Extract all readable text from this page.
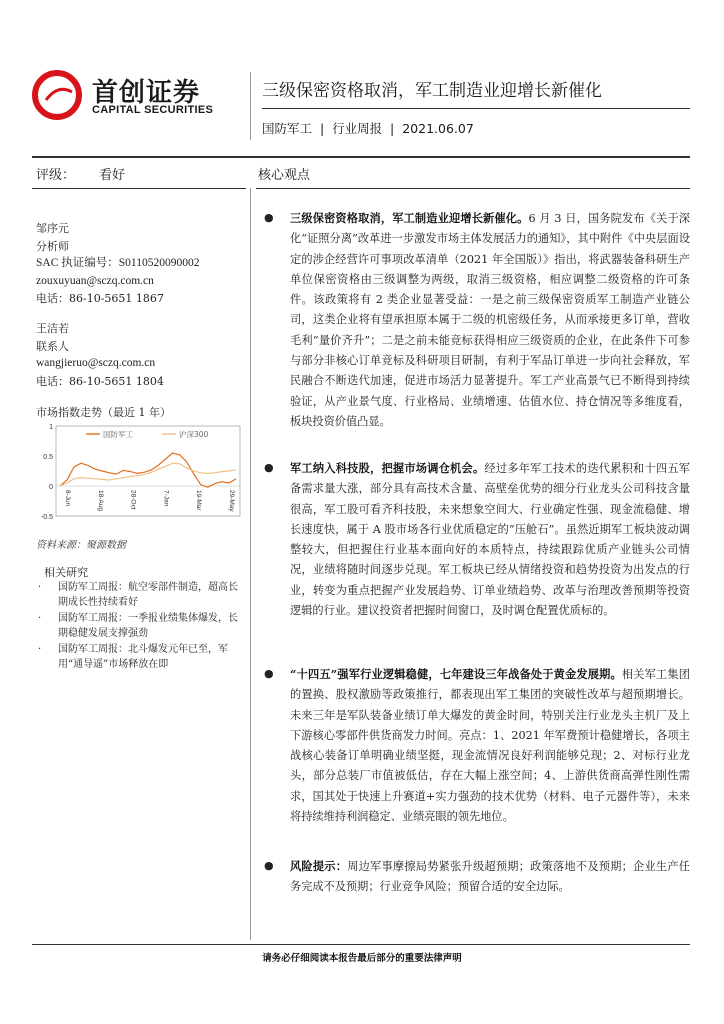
首创证券
CAPITAL SECURITIES
三级保密资格取消，军工制造业迎增长新催化
国防军工  |  行业周报  |  2021.06.07
评级： 看好	核心观点
邹序元
分析师
SAC 执证编号：S0110520090002
zouxuyuan@sczq.com.cn
电话：86-10-5651 1867
王洁若
联系人
wangjieruo@sczq.com.cn
电话：86-10-5651 1804
市场指数走势（最近 1 年）
1
0.5
0
-0.5
8-Jun	18-Aug	28-Oct	7-Jan	19-Mar	29-May
国防军工	沪深300
资料来源：聚源数据
相关研究
· 国防军工周报：航空零部件制造，超高长期成长性持续看好
· 国防军工周报：一季报业绩集体爆发，长期稳健发展支撑强劲
· 国防军工周报：北斗爆发元年已至，军用“通导遥”市场释放在即
● 三级保密资格取消，军工制造业迎增长新催化。6 月 3 日，国务院发布《关于深化“证照分离”改革进一步激发市场主体发展活力的通知》，其中附件《中央层面设定的涉企经营许可事项改革清单（2021 年全国版）》指出，将武器装备科研生产单位保密资格由三级调整为两级，取消三级资格，相应调整二级资格的许可条件。该政策将有 2 类企业显著受益：一是之前三级保密资质军工制造产业链公司，这类企业将有望承担原本属于二级的机密级任务，从而承接更多订单，营收毛利“量价齐升”；二是之前未能竞标获得相应三级资质的企业，在此条件下可参与部分非核心订单竞标及科研项目研制，有利于军品订单进一步向社会释放，军民融合不断迭代加速，促进市场活力显著提升。军工产业高景气已不断得到持续验证，从产业景气度、行业格局、业绩增速、估值水位、持仓情况等多维度看，板块投资价值凸显。
● 军工纳入科技股，把握市场调仓机会。经过多年军工技术的迭代累积和十四五军备需求量大涨，部分具有高技术含量、高壁垒优势的细分行业龙头公司科技含量很高，军工股可看齐科技股，未来想象空间大、行业确定性强、现金流稳健、增长速度快，属于 A 股市场各行业优质稳定的“压舱石”。虽然近期军工板块波动调整较大，但把握住行业基本面向好的本质特点，持续跟踪优质产业链头公司情况，业绩将随时间逐步兑现。军工板块已经从情绪投资和趋势投资为出发点的行业，转变为重点把握产业发展趋势、订单业绩趋势、改革与治理改善预期等投资逻辑的行业。建议投资者把握时间窗口，及时调仓配置优质标的。
● “十四五”强军行业逻辑稳健，七年建设三年战备处于黄金发展期。相关军工集团的置换、股权激励等政策推行，都表现出军工集团的突破性改革与超预期增长。未来三年是军队装备业绩订单大爆发的黄金时间，特别关注行业龙头主机厂及上下游核心零部件供货商发力时间。亮点：1、2021 年军费预计稳健增长，各项主战核心装备订单明确业绩坚挺，现金流情况良好利润能够兑现；2、对标行业龙头，部分总装厂市值被低估，存在大幅上涨空间；4、上游供货商高弹性刚性需求，国其处于快速上升赛道+实力强劲的技术优势（材料、电子元器件等），未来将持续维持利润稳定、业绩亮眼的领先地位。
● 风险提示：周边军事摩擦局势紧张升级超预期；政策落地不及预期；企业生产任务完成不及预期；行业竞争风险；预留合适的安全边际。
请务必仔细阅读本报告最后部分的重要法律声明
